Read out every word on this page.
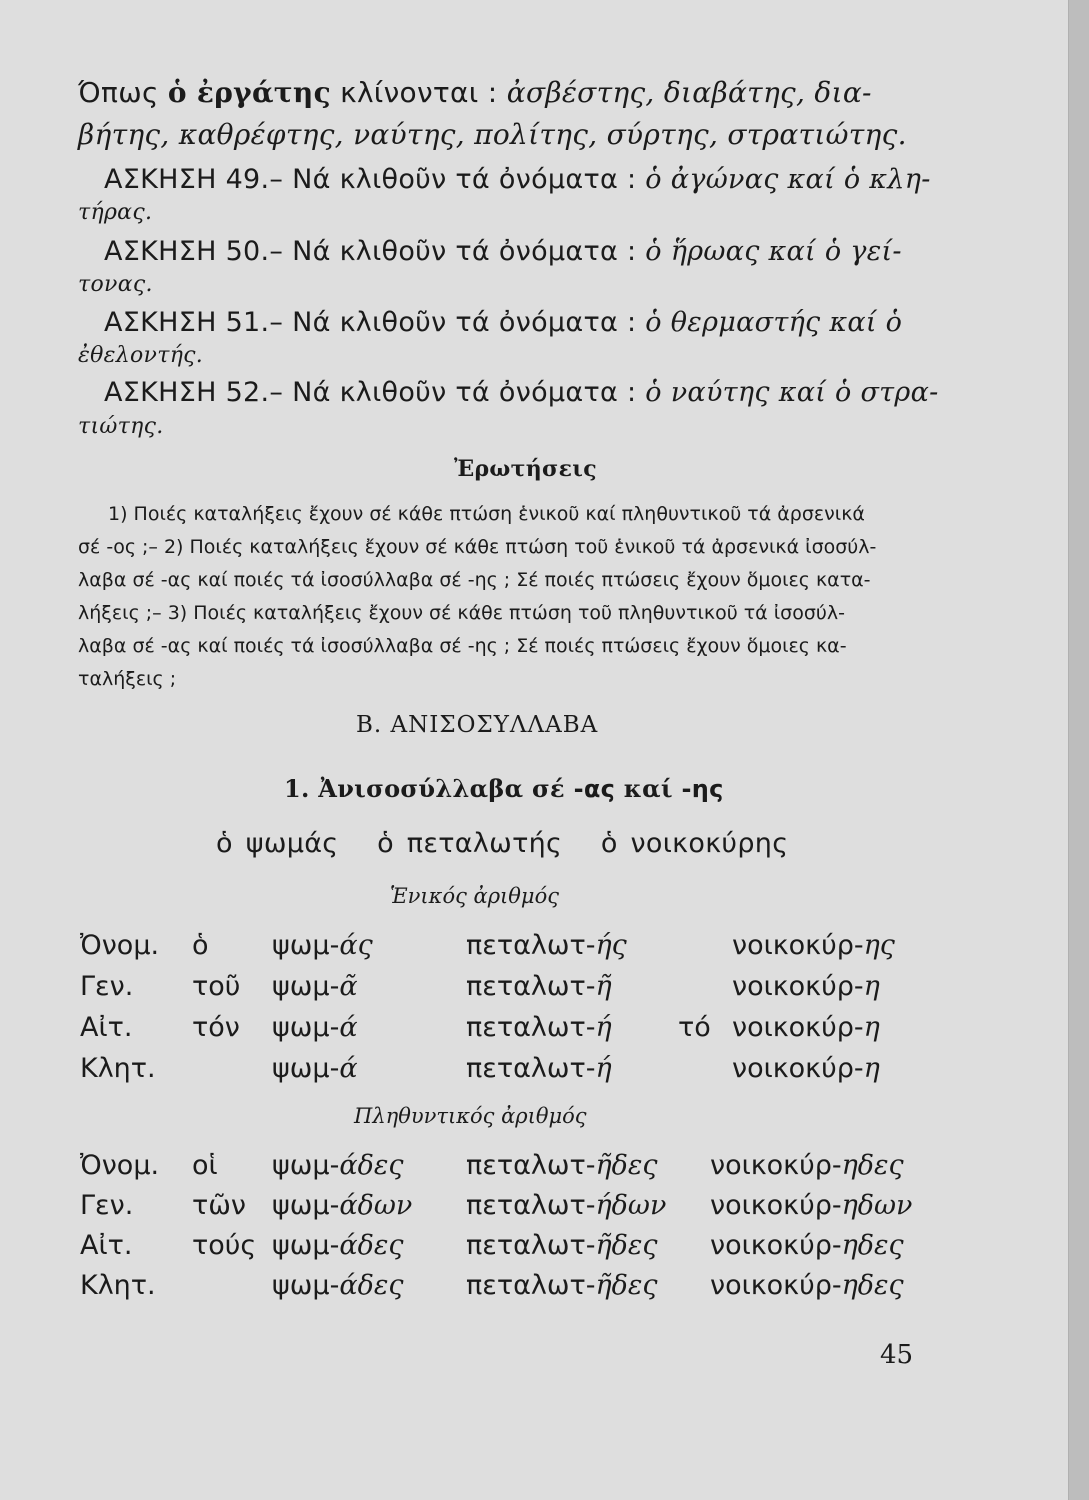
Όπως ὁ ἐργάτης κλίνονται : ἀσβέστης, διαβάτης, δια-
βήτης, καθρέφτης, ναύτης, πολίτης, σύρτης, στρατιώτης.
ΑΣΚΗΣΗ 49.– Νά κλιθοῦν τά ὀνόματα : ὁ ἀγώνας καί ὁ κλη-
τήρας.
ΑΣΚΗΣΗ 50.– Νά κλιθοῦν τά ὀνόματα : ὁ ἥρωας καί ὁ γεί-
τονας.
ΑΣΚΗΣΗ 51.– Νά κλιθοῦν τά ὀνόματα : ὁ θερμαστής καί ὁ
ἐθελοντής.
ΑΣΚΗΣΗ 52.– Νά κλιθοῦν τά ὀνόματα : ὁ ναύτης καί ὁ στρα-
τιώτης.
Ἐρωτήσεις
1) Ποιές καταλήξεις ἔχουν σέ κάθε πτώση ἑνικοῦ καί πληθυντικοῦ τά ἀρσενικά
σέ -ος ;– 2) Ποιές καταλήξεις ἔχουν σέ κάθε πτώση τοῦ ἑνικοῦ τά ἀρσενικά ἰσοσύλ-
λαβα σέ -ας καί ποιές τά ἰσοσύλλαβα σέ -ης ; Σέ ποιές πτώσεις ἔχουν ὅμοιες κατα-
λήξεις ;– 3) Ποιές καταλήξεις ἔχουν σέ κάθε πτώση τοῦ πληθυντικοῦ τά ἰσοσύλ-
λαβα σέ -ας καί ποιές τά ἰσοσύλλαβα σέ -ης ; Σέ ποιές πτώσεις ἔχουν ὅμοιες κα-
ταλήξεις ;
Β. ΑΝΙΣΟΣΥΛΛΑΒΑ
1. Ἀνισοσύλλαβα σέ -ας καί -ης
ὁ ψωμάς   ὁ πεταλωτής   ὁ νοικοκύρης
Ἑνικός ἀριθμός
Ὀνομ. ὁ ψωμ-άς	πεταλωτ-ής	νοικοκύρ-ης
Γεν. τοῦ ψωμ-ᾶ	πεταλωτ-ῆ	νοικοκύρ-η
Αἰτ. τόν ψωμ-ά	πεταλωτ-ή τό νοικοκύρ-η
Κλητ.	ψωμ-ά	πεταλωτ-ή	νοικοκύρ-η
Πληθυντικός ἀριθμός
Ὀνομ. οἱ ψωμ-άδες πεταλωτ-ῆδες νοικοκύρ-ηδες
Γεν. τῶν ψωμ-άδων πεταλωτ-ήδων νοικοκύρ-ηδων
Αἰτ. τούς ψωμ-άδες πεταλωτ-ῆδες νοικοκύρ-ηδες
Κλητ.	ψωμ-άδες πεταλωτ-ῆδες νοικοκύρ-ηδες
45
